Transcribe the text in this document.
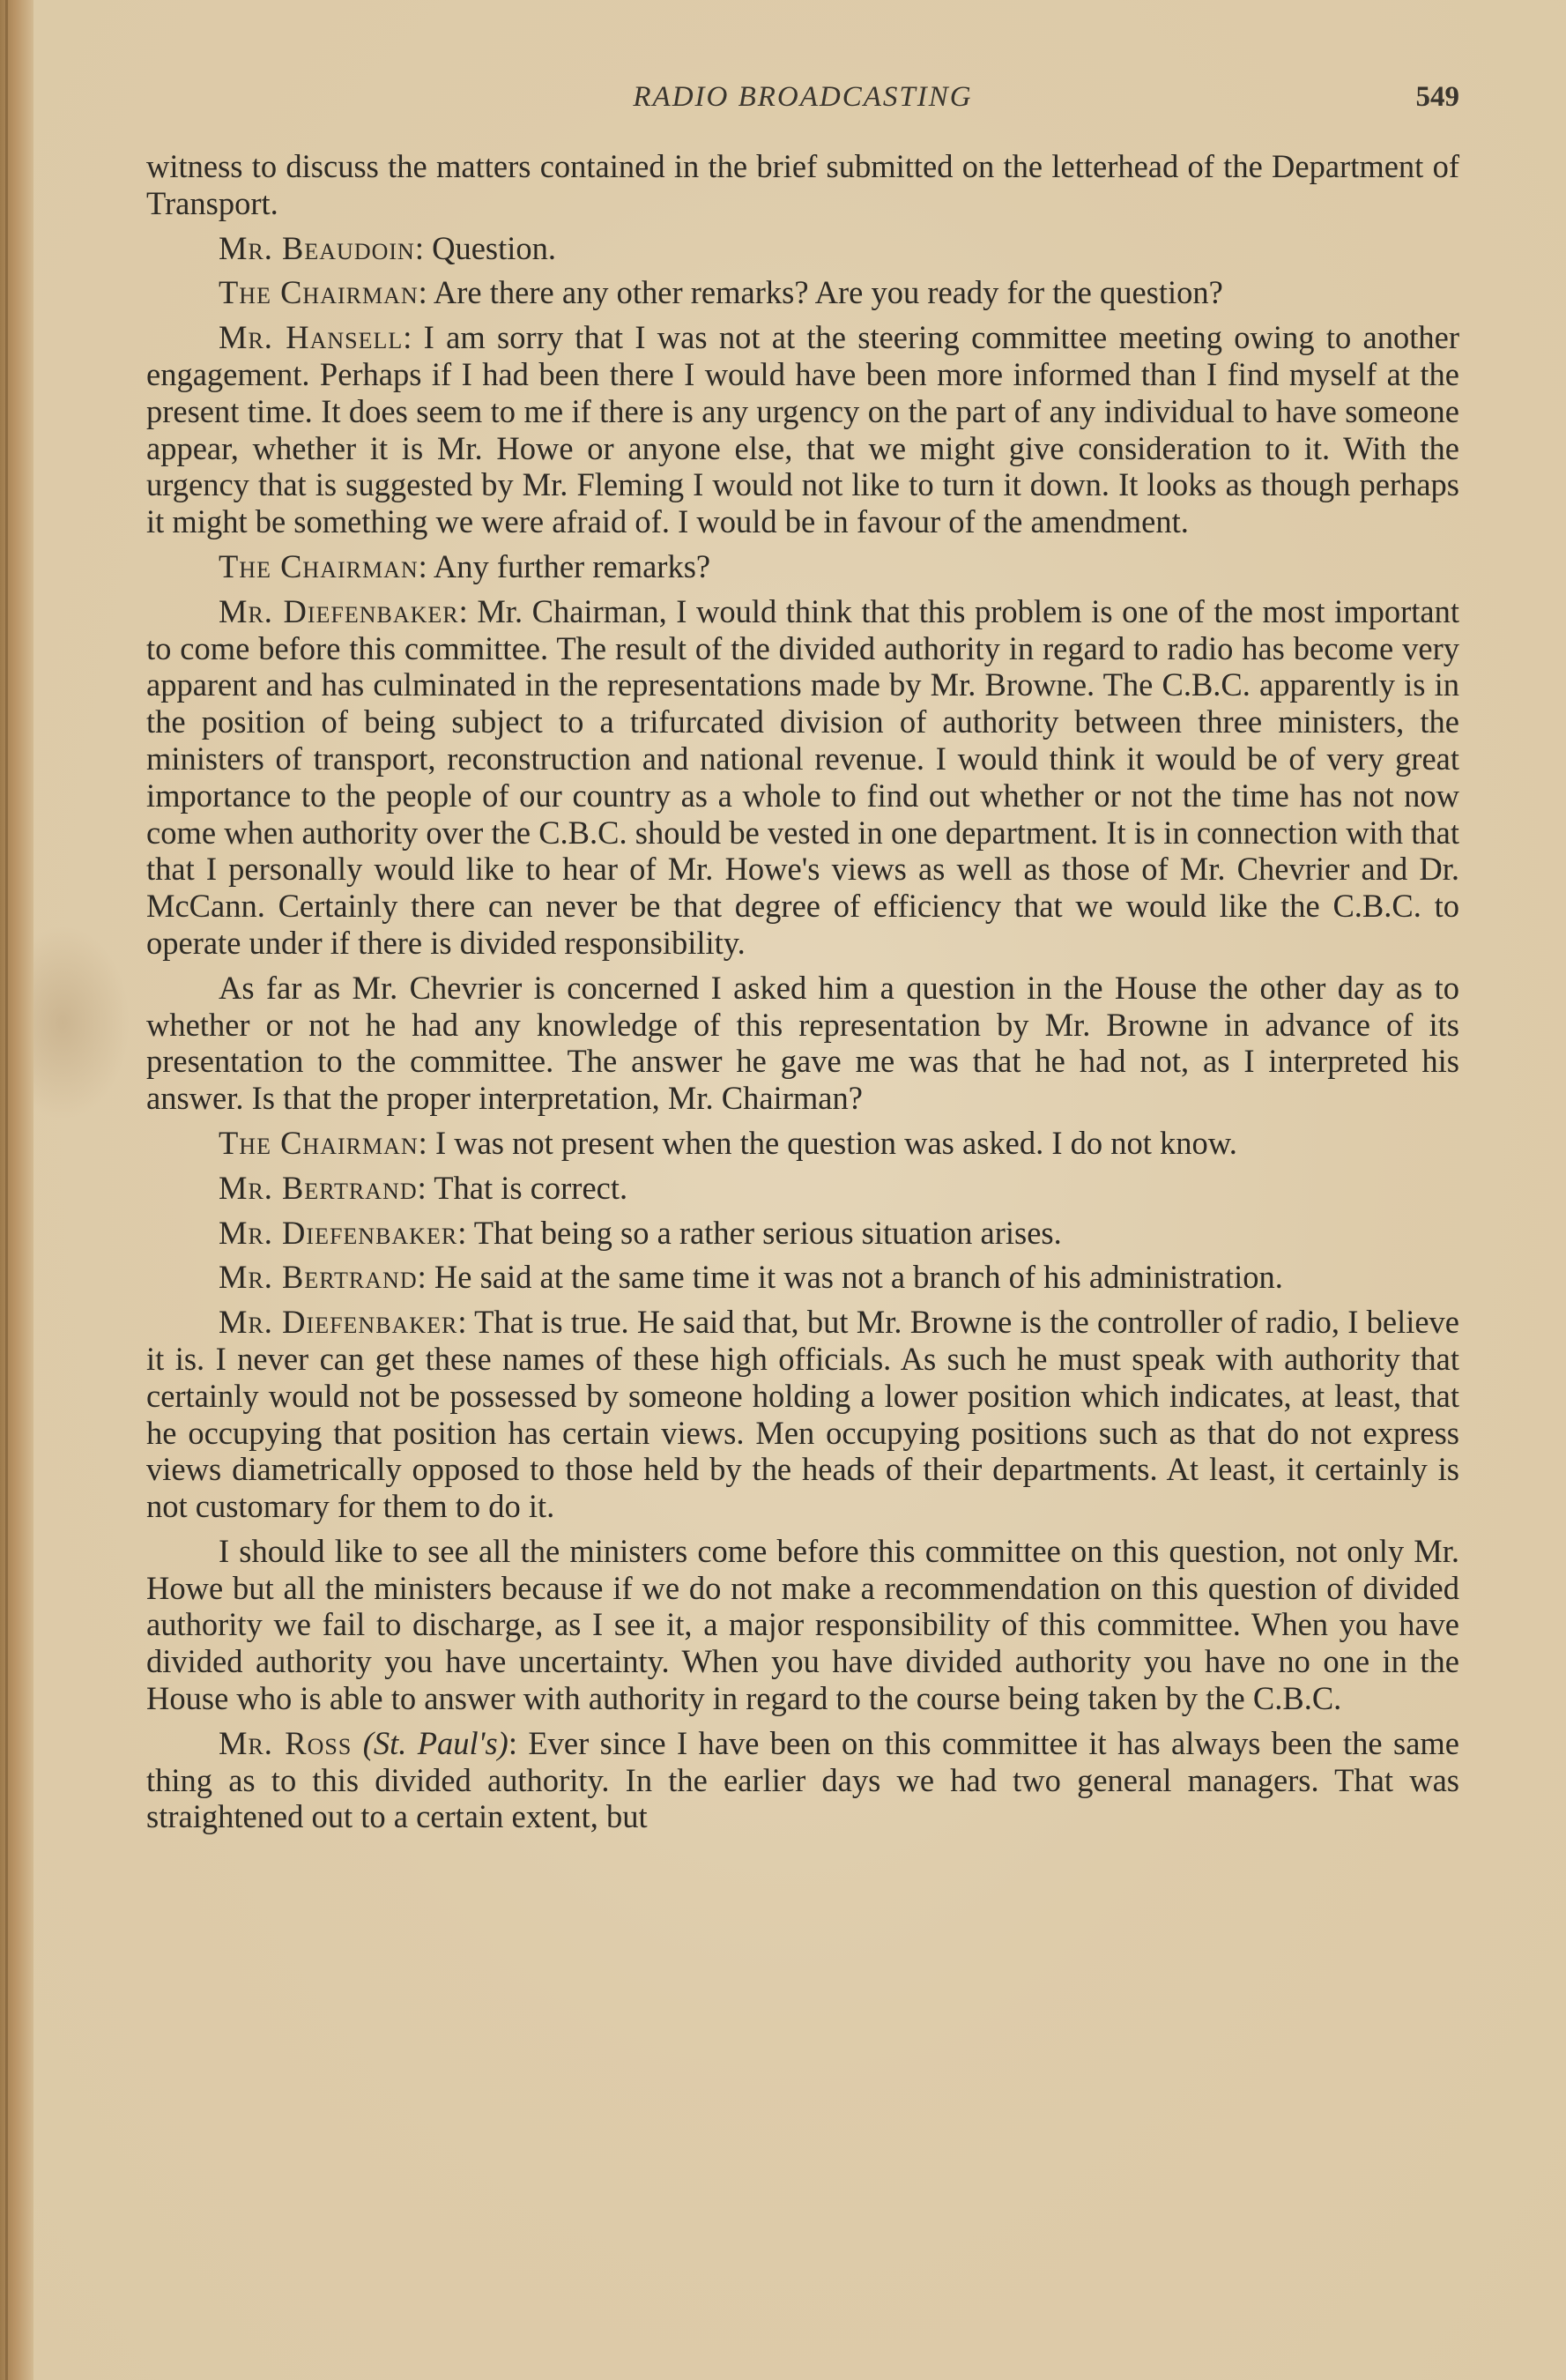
RADIO BROADCASTING	549

witness to discuss the matters contained in the brief submitted on the letterhead of the Department of Transport.

Mr. Beaudoin: Question.

The Chairman: Are there any other remarks? Are you ready for the question?

Mr. Hansell: I am sorry that I was not at the steering committee meeting owing to another engagement. Perhaps if I had been there I would have been more informed than I find myself at the present time. It does seem to me if there is any urgency on the part of any individual to have someone appear, whether it is Mr. Howe or anyone else, that we might give consideration to it. With the urgency that is suggested by Mr. Fleming I would not like to turn it down. It looks as though perhaps it might be something we were afraid of. I would be in favour of the amendment.

The Chairman: Any further remarks?

Mr. Diefenbaker: Mr. Chairman, I would think that this problem is one of the most important to come before this committee. The result of the divided authority in regard to radio has become very apparent and has culminated in the representations made by Mr. Browne. The C.B.C. apparently is in the position of being subject to a trifurcated division of authority between three ministers, the ministers of transport, reconstruction and national revenue. I would think it would be of very great importance to the people of our country as a whole to find out whether or not the time has not now come when authority over the C.B.C. should be vested in one department. It is in connection with that that I personally would like to hear of Mr. Howe's views as well as those of Mr. Chevrier and Dr. McCann. Certainly there can never be that degree of efficiency that we would like the C.B.C. to operate under if there is divided responsibility.

As far as Mr. Chevrier is concerned I asked him a question in the House the other day as to whether or not he had any knowledge of this representation by Mr. Browne in advance of its presentation to the committee. The answer he gave me was that he had not, as I interpreted his answer. Is that the proper interpretation, Mr. Chairman?

The Chairman: I was not present when the question was asked. I do not know.

Mr. Bertrand: That is correct.

Mr. Diefenbaker: That being so a rather serious situation arises.

Mr. Bertrand: He said at the same time it was not a branch of his administration.

Mr. Diefenbaker: That is true. He said that, but Mr. Browne is the controller of radio, I believe it is. I never can get these names of these high officials. As such he must speak with authority that certainly would not be possessed by someone holding a lower position which indicates, at least, that he occupying that position has certain views. Men occupying positions such as that do not express views diametrically opposed to those held by the heads of their departments. At least, it certainly is not customary for them to do it.

I should like to see all the ministers come before this committee on this question, not only Mr. Howe but all the ministers because if we do not make a recommendation on this question of divided authority we fail to discharge, as I see it, a major responsibility of this committee. When you have divided authority you have uncertainty. When you have divided authority you have no one in the House who is able to answer with authority in regard to the course being taken by the C.B.C.

Mr. Ross (St. Paul's): Ever since I have been on this committee it has always been the same thing as to this divided authority. In the earlier days we had two general managers. That was straightened out to a certain extent, but
